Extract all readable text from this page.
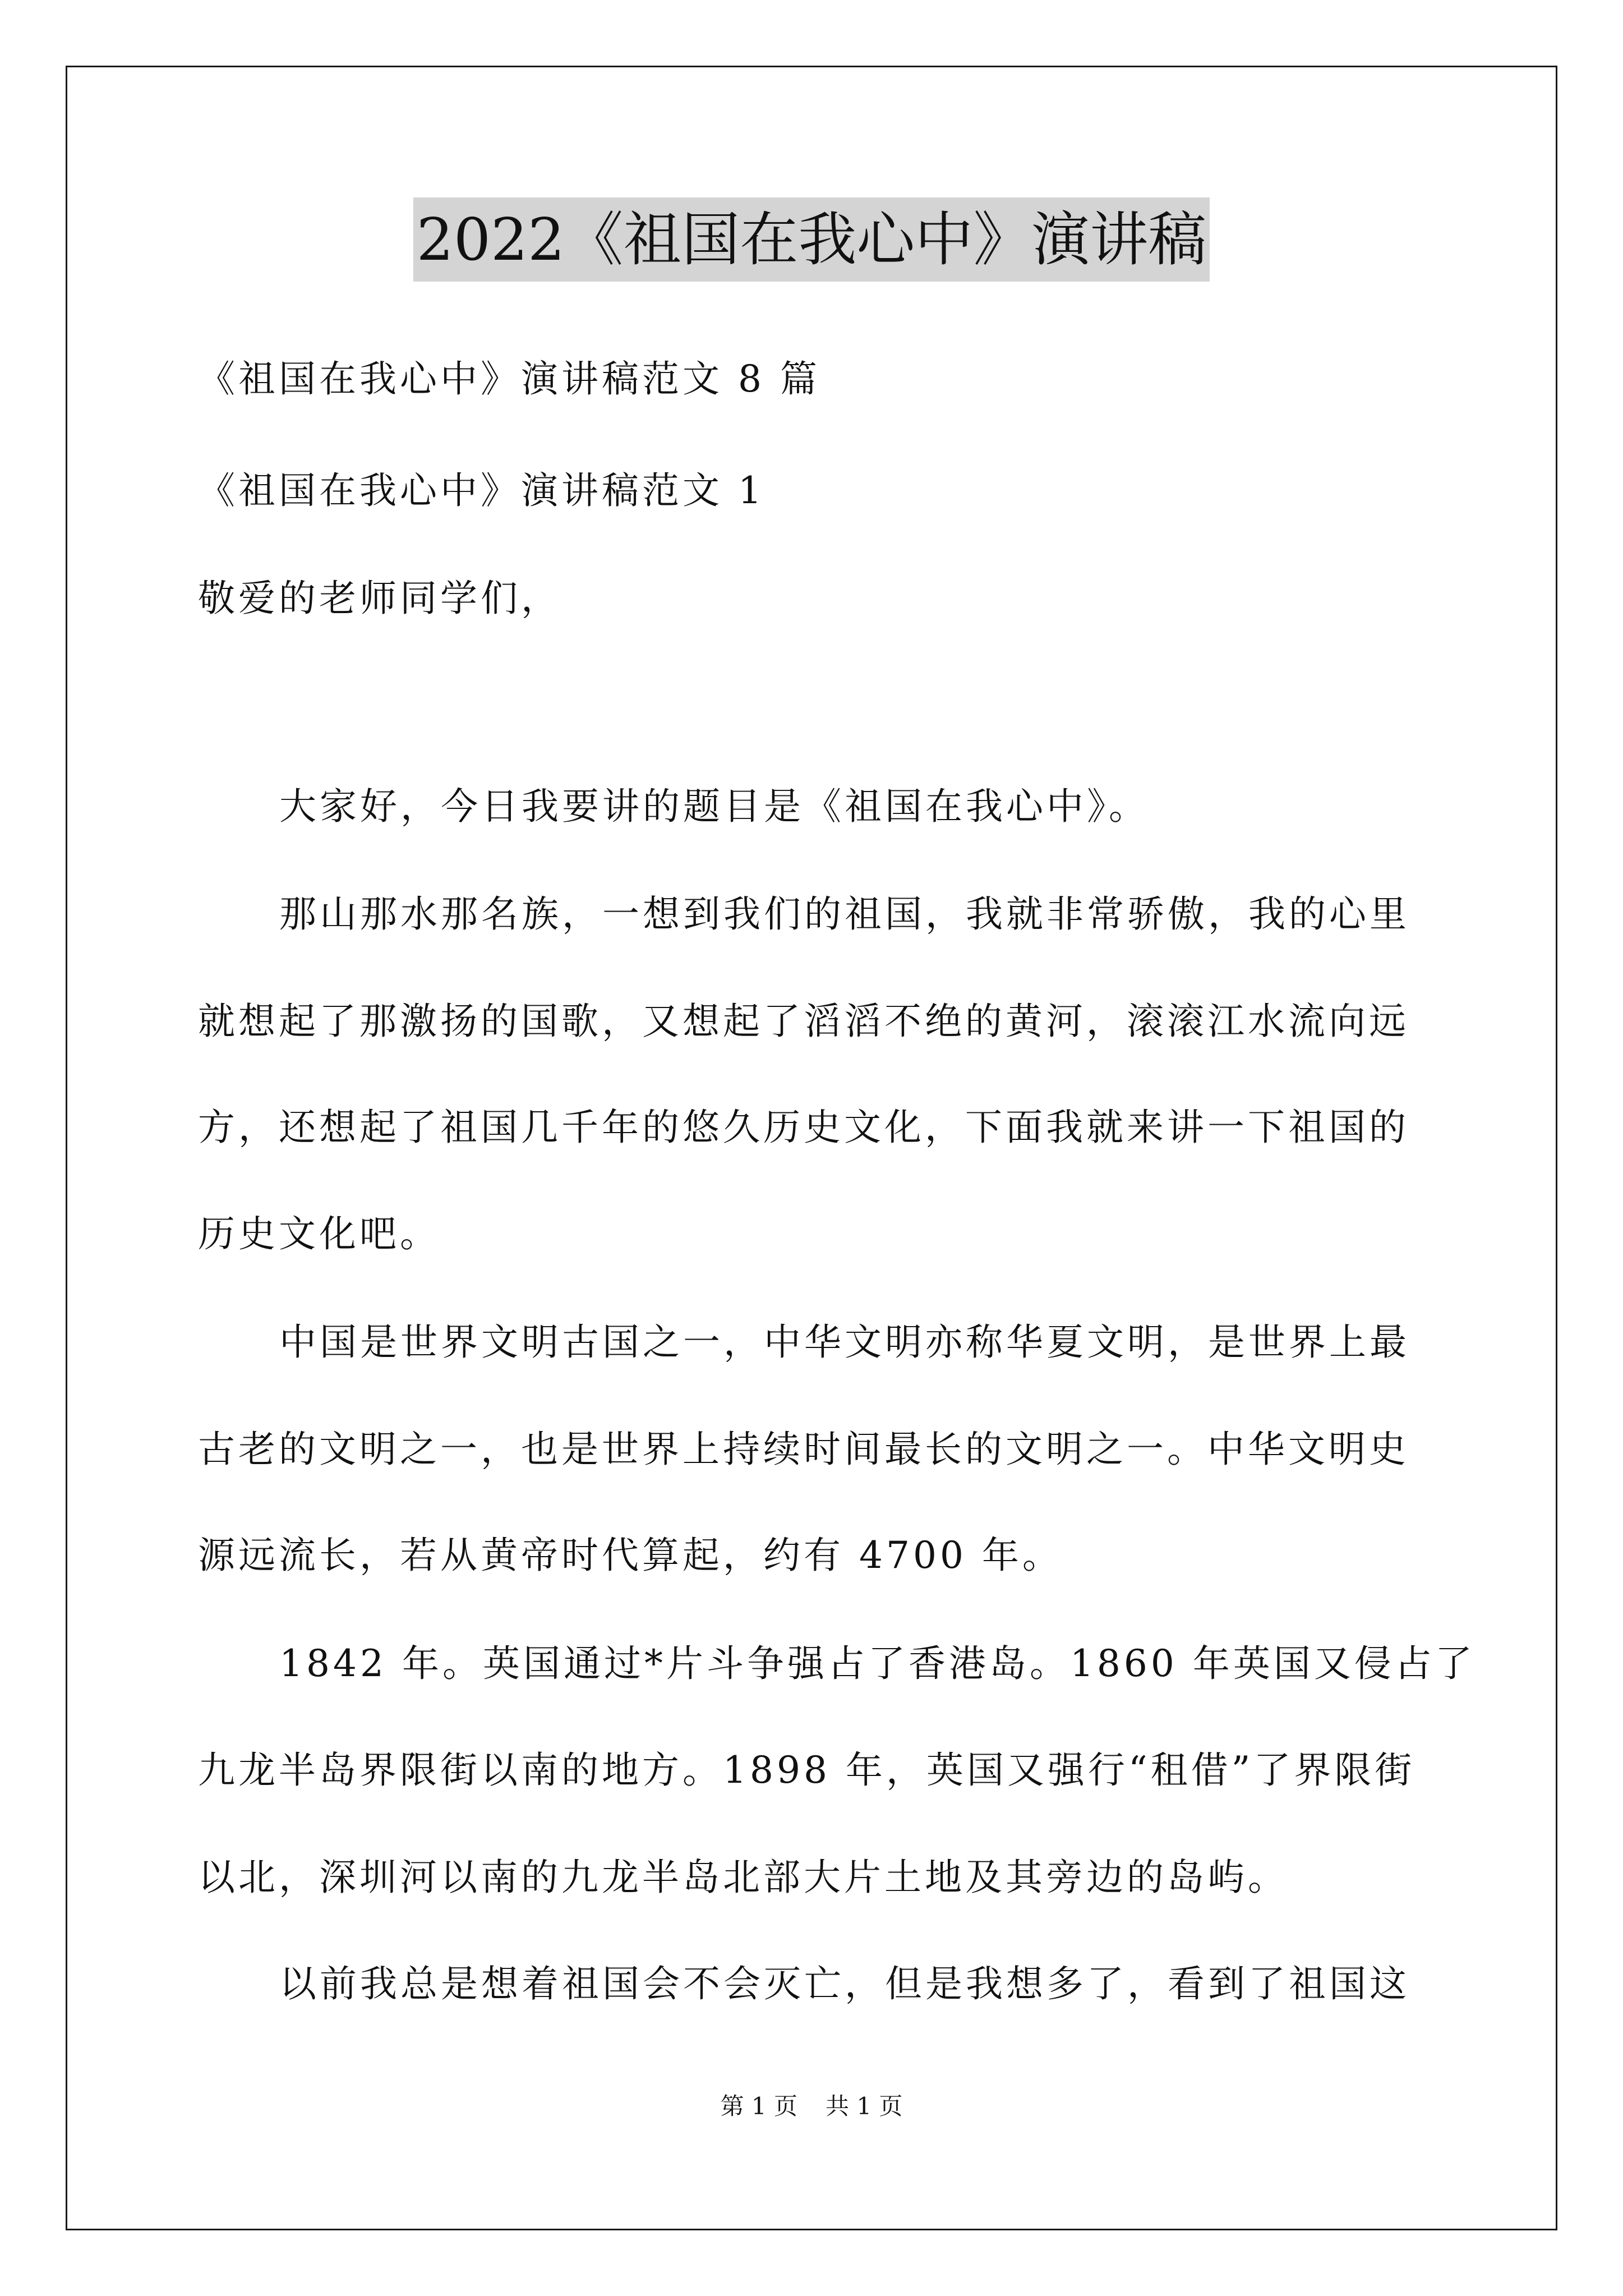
2022《祖国在我心中》演讲稿
《祖国在我心中》演讲稿范文 8 篇
《祖国在我心中》演讲稿范文 1
敬爱的老师同学们，
大家好，今日我要讲的题目是《祖国在我心中》。
那山那水那名族，一想到我们的祖国，我就非常骄傲，我的心里
就想起了那激扬的国歌，又想起了滔滔不绝的黄河，滚滚江水流向远
方，还想起了祖国几千年的悠久历史文化，下面我就来讲一下祖国的
历史文化吧。
中国是世界文明古国之一，中华文明亦称华夏文明，是世界上最
古老的文明之一，也是世界上持续时间最长的文明之一。中华文明史
源远流长，若从黄帝时代算起，约有 4700 年。
1842 年。英国通过*片斗争强占了香港岛。1860 年英国又侵占了
九龙半岛界限街以南的地方。1898 年，英国又强行“租借”了界限街
以北，深圳河以南的九龙半岛北部大片土地及其旁边的岛屿。
以前我总是想着祖国会不会灭亡，但是我想多了，看到了祖国这
第 1 页 共 1 页
